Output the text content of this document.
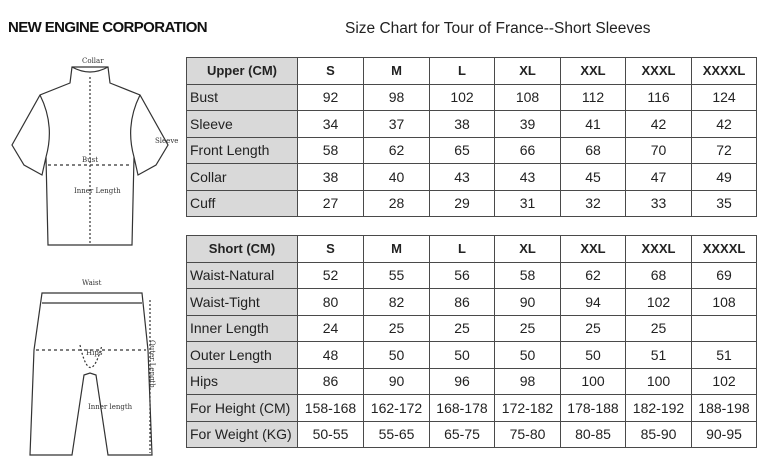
NEW ENGINE CORPORATION	Size Chart for Tour of France--Short Sleeves
Collar
Sleeve
Bust
Inner Length
Waist
Hips	Outer Length
Inner length
Upper (CM)	S	M	L	XL	XXL	XXXL	XXXXL
Bust	92	98	102	108	112	116	124
Sleeve	34	37	38	39	41	42	42
Front Length	58	62	65	66	68	70	72
Collar	38	40	43	43	45	47	49
Cuff	27	28	29	31	32	33	35
Short (CM)	S	M	L	XL	XXL	XXXL	XXXXL
Waist-Natural	52	55	56	58	62	68	69
Waist-Tight	80	82	86	90	94	102	108
Inner Length	24	25	25	25	25	25	
Outer Length	48	50	50	50	50	51	51
Hips	86	90	96	98	100	100	102
For Height (CM)	158-168	162-172	168-178	172-182	178-188	182-192	188-198
For Weight (KG)	50-55	55-65	65-75	75-80	80-85	85-90	90-95
